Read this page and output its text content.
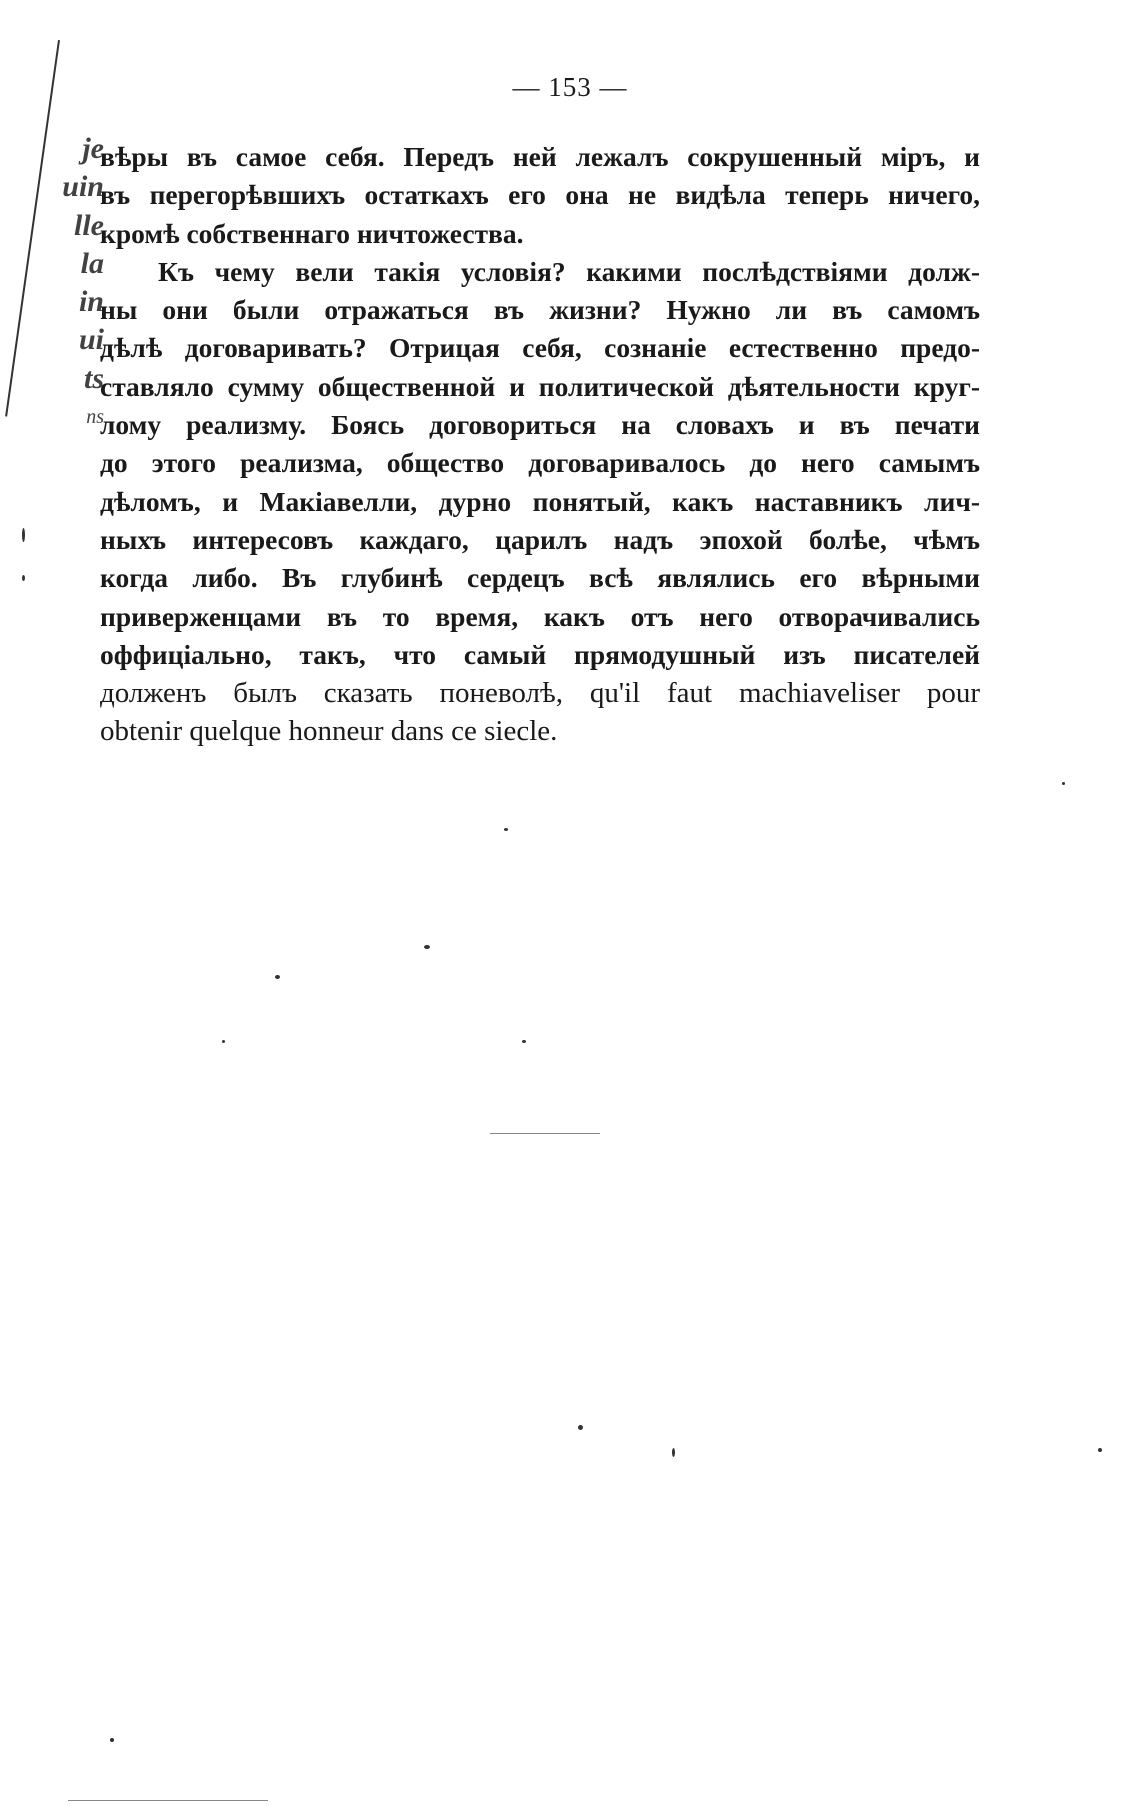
je
uin
lle
la
in
ui
ts
ns
— 153 —
вѣры въ самое себя. Передъ ней лежалъ сокрушенный міръ, и
въ перегорѣвшихъ остаткахъ его она не видѣла теперь ничего,
кромѣ собственнаго ничтожества.
Къ чему вели такія условія? какими послѣдствіями долж-
ны они были отражаться въ жизни? Нужно ли въ самомъ
дѣлѣ договаривать? Отрицая себя, сознаніе естественно предо-
ставляло сумму общественной и политической дѣятельности круг-
лому реализму. Боясь договориться на словахъ и въ печати
до этого реализма, общество договаривалось до него самымъ
дѣломъ, и Макіавелли, дурно понятый, какъ наставникъ лич-
ныхъ интересовъ каждаго, царилъ надъ эпохой болѣе, чѣмъ
когда либо. Въ глубинѣ сердецъ всѣ являлись его вѣрными
приверженцами въ то время, какъ отъ него отворачивались
оффиціально, такъ, что самый прямодушный изъ писателей
долженъ былъ сказать поневолѣ, qu'il faut machiaveliser pour
obtenir quelque honneur dans ce siecle.
